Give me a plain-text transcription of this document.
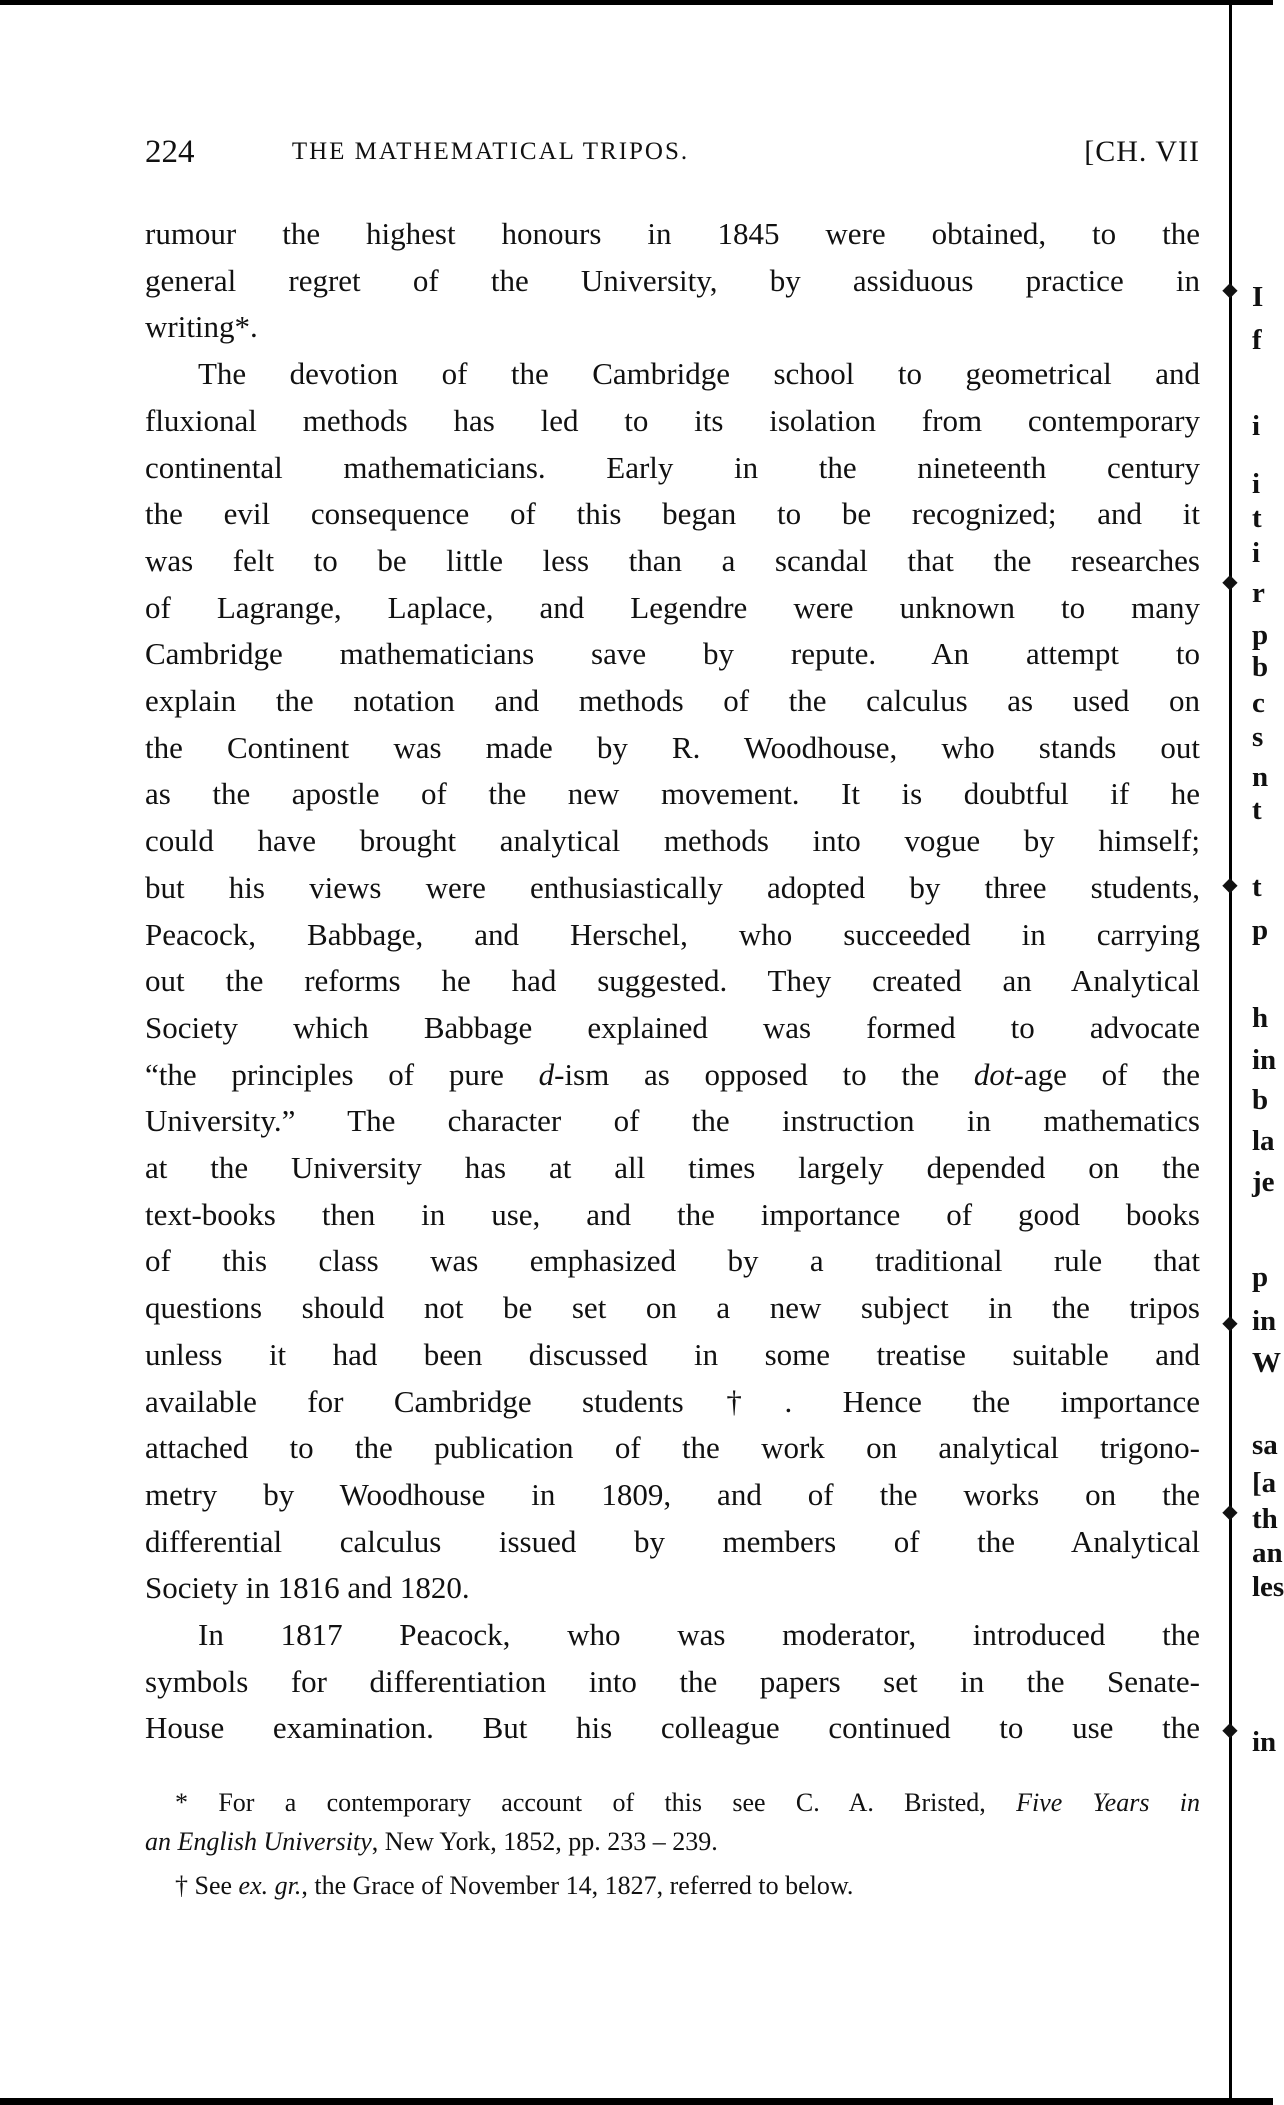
224	THE MATHEMATICAL TRIPOS.	[CH. VII
rumour the highest honours in 1845 were obtained, to the
general regret of the University, by assiduous practice in
writing*.
The devotion of the Cambridge school to geometrical and
fluxional methods has led to its isolation from contemporary
continental mathematicians. Early in the nineteenth century
the evil consequence of this began to be recognized; and it
was felt to be little less than a scandal that the researches
of Lagrange, Laplace, and Legendre were unknown to many
Cambridge mathematicians save by repute. An attempt to
explain the notation and methods of the calculus as used on
the Continent was made by R. Woodhouse, who stands out
as the apostle of the new movement. It is doubtful if he
could have brought analytical methods into vogue by himself;
but his views were enthusiastically adopted by three students,
Peacock, Babbage, and Herschel, who succeeded in carrying
out the reforms he had suggested. They created an Analytical
Society which Babbage explained was formed to advocate
“the principles of pure d-ism as opposed to the dot-age of the
University.” The character of the instruction in mathematics
at the University has at all times largely depended on the
text-books then in use, and the importance of good books
of this class was emphasized by a traditional rule that
questions should not be set on a new subject in the tripos
unless it had been discussed in some treatise suitable and
available for Cambridge students†. Hence the importance
attached to the publication of the work on analytical trigono-
metry by Woodhouse in 1809, and of the works on the
differential calculus issued by members of the Analytical
Society in 1816 and 1820.
In 1817 Peacock, who was moderator, introduced the
symbols for differentiation into the papers set in the Senate-
House examination. But his colleague continued to use the
* For a contemporary account of this see C. A. Bristed, Five Years in
an English University, New York, 1852, pp. 233 – 239.
† See ex. gr., the Grace of November 14, 1827, referred to below.
I
f
i
i
t
i
r
p
b
c
s
n
t
t
p
h
in
b
la
je
p
in
W
sa
[a
th
an
les
in
◆
◆
◆
◆
◆
◆
